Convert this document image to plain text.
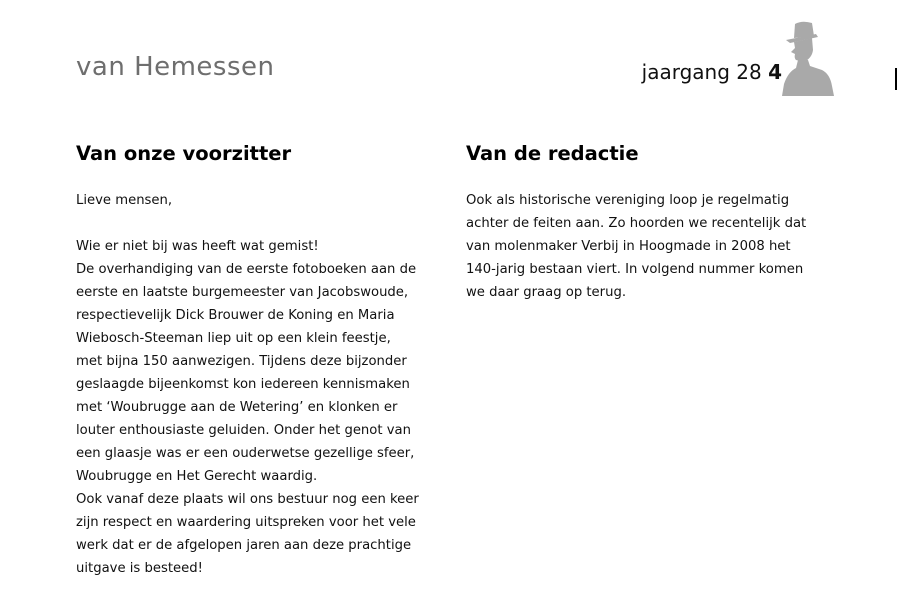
van Hemessen	jaargang 28 4
Van onze voorzitter
Lieve mensen,
Wie er niet bij was heeft wat gemist!
De overhandiging van de eerste fotoboeken aan de
eerste en laatste burgemeester van Jacobswoude,
respectievelijk Dick Brouwer de Koning en Maria
Wiebosch-Steeman liep uit op een klein feestje,
met bijna 150 aanwezigen. Tijdens deze bijzonder
geslaagde bijeenkomst kon iedereen kennismaken
met ‘Woubrugge aan de Wetering’ en klonken er
louter enthousiaste geluiden. Onder het genot van
een glaasje was er een ouderwetse gezellige sfeer,
Woubrugge en Het Gerecht waardig.
Ook vanaf deze plaats wil ons bestuur nog een keer
zijn respect en waardering uitspreken voor het vele
werk dat er de afgelopen jaren aan deze prachtige
uitgave is besteed!
Van de redactie
Ook als historische vereniging loop je regelmatig
achter de feiten aan. Zo hoorden we recentelijk dat
van molenmaker Verbij in Hoogmade in 2008 het
140-jarig bestaan viert. In volgend nummer komen
we daar graag op terug.
